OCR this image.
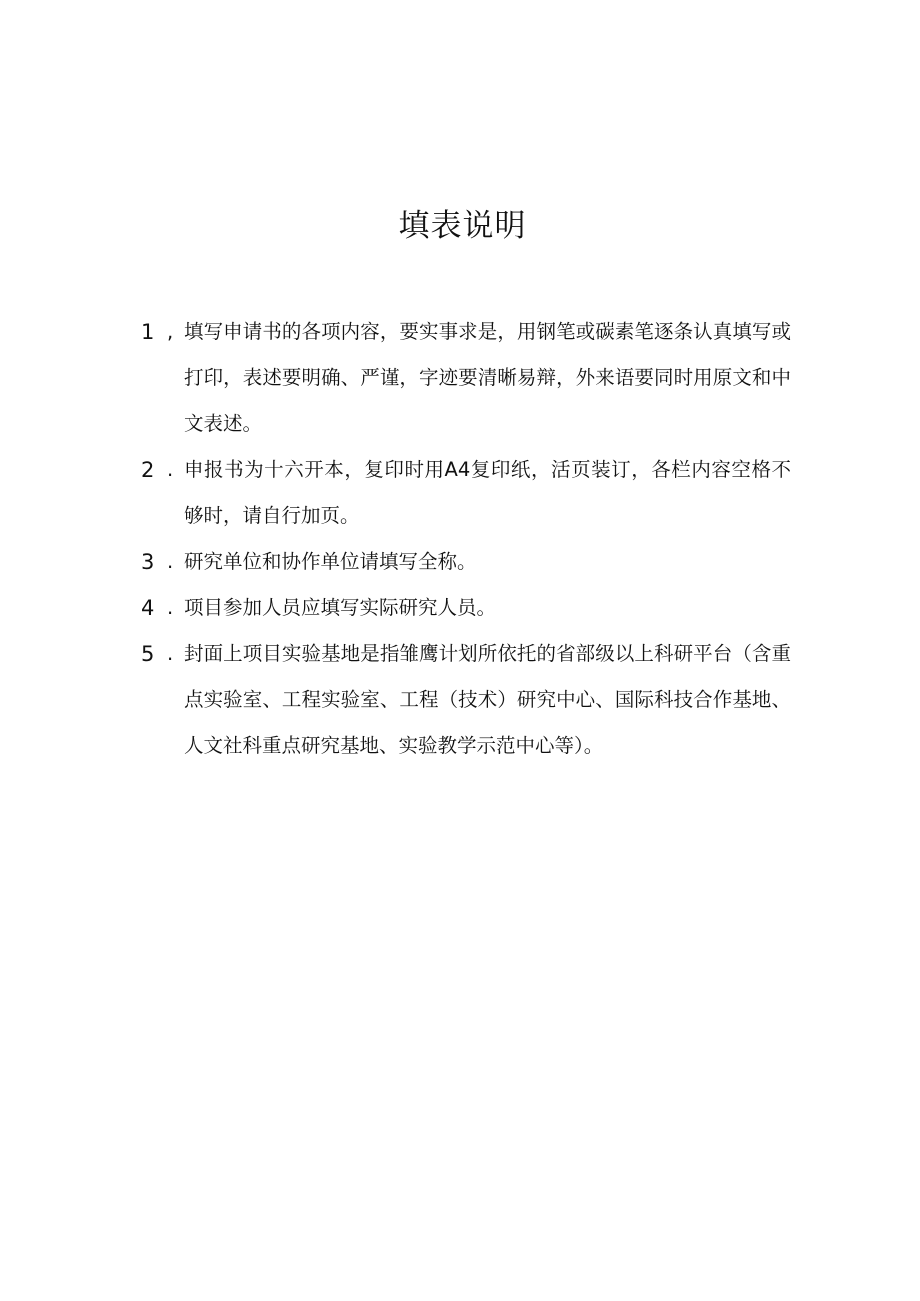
填表说明
1 , 填写申请书的各项内容，要实事求是，用钢笔或碳素笔逐条认真填写或打印，表述要明确、严谨，字迹要清晰易辩，外来语要同时用原文和中文表述。
2 . 申报书为十六开本，复印时用A4复印纸，活页装订，各栏内容空格不够时，请自行加页。
3 . 研究单位和协作单位请填写全称。
4 . 项目参加人员应填写实际研究人员。
5 . 封面上项目实验基地是指雏鹰计划所依托的省部级以上科研平台（含重点实验室、工程实验室、工程（技术）研究中心、国际科技合作基地、人文社科重点研究基地、实验教学示范中心等）。
